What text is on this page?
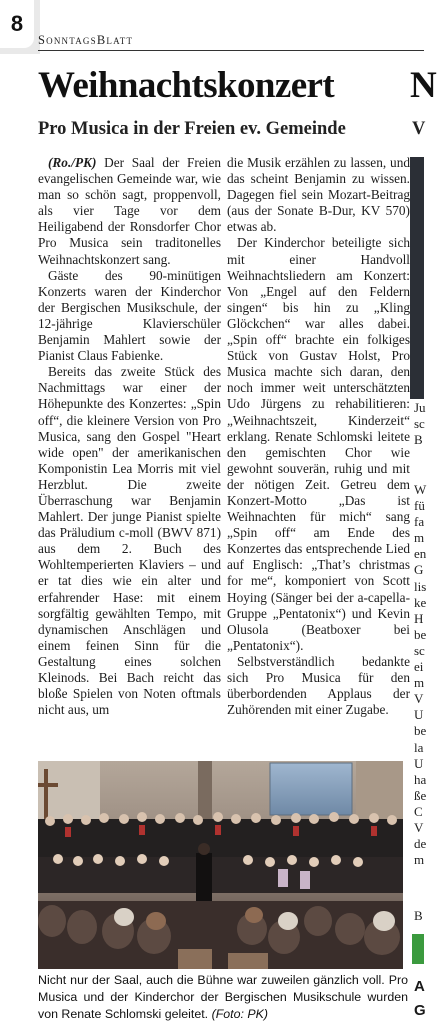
8
SonntagsBlatt
Weihnachtskonzert N
Pro Musica in der Freien ev. Gemeinde	V

(Ro./PK) Der Saal der Freien evangelischen Gemeinde war, wie man so schön sagt, proppenvoll, als vier Tage vor dem Heiligabend der Ronsdorfer Chor Pro Musica sein traditonelles Weihnachtskonzert sang.

Gäste des 90-minütigen Konzerts waren der Kinderchor der Bergischen Musikschule, der 12-jährige Klavierschüler Benjamin Mahlert sowie der Pianist Claus Fabienke.

Bereits das zweite Stück des Nachmittags war einer der Höhepunkte des Konzertes: „Spin off“, die kleinere Version von Pro Musica, sang den Gospel "Heart wide open" der amerikanischen Komponistin Lea Morris mit viel Herzblut. Die zweite Überraschung war Benjamin Mahlert. Der junge Pianist spielte das Präludium c-moll (BWV 871) aus dem 2. Buch des Wohltemperierten Klaviers – und er tat dies wie ein alter und erfahrender Hase: mit einem sorgfältig gewählten Tempo, mit dynamischen Anschlägen und einem feinen Sinn für die Gestaltung eines solchen Kleinods. Bei Bach reicht das bloße Spielen von Noten oftmals nicht aus, um

die Musik erzählen zu lassen, und das scheint Benjamin zu wissen. Dagegen fiel sein Mozart-Beitrag (aus der Sonate B-Dur, KV 570) etwas ab.

Der Kinderchor beteiligte sich mit einer Handvoll Weihnachtsliedern am Konzert: Von „Engel auf den Feldern singen“ bis hin zu „Kling Glöckchen“ war alles dabei. „Spin off“ brachte ein folkiges Stück von Gustav Holst, Pro Musica machte sich daran, den noch immer weit unterschätzten Udo Jürgens zu rehabilitieren: „Weihnachtszeit, Kinderzeit“ erklang. Renate Schlomski leitete den gemischten Chor wie gewohnt souverän, ruhig und mit der nötigen Zeit. Getreu dem Konzert-Motto „Das ist Weihnachten für mich“ sang „Spin off“ am Ende des Konzertes das entsprechende Lied auf Englisch: „That’s christmas for me“, komponiert von Scott Hoying (Sänger bei der a-capella-Gruppe „Pentatonix“) und Kevin Olusola (Beatboxer bei „Pentatonix“).

Selbstverständlich bedankte sich Pro Musica für den überbordenden Applaus der Zuhörenden mit einer Zugabe.

Nicht nur der Saal, auch die Bühne war zuweilen gänzlich voll. Pro Musica und der Kinderchor der Bergischen Musikschule wurden von Renate Schlomski geleitet. (Foto: PK)
Ju
sc
B
W
fü
fa
m
en
G
lis
ke
H
be
sc
ei
m
V
U
be
la
U
ha
ße
C
V
de
m
B
A
G
